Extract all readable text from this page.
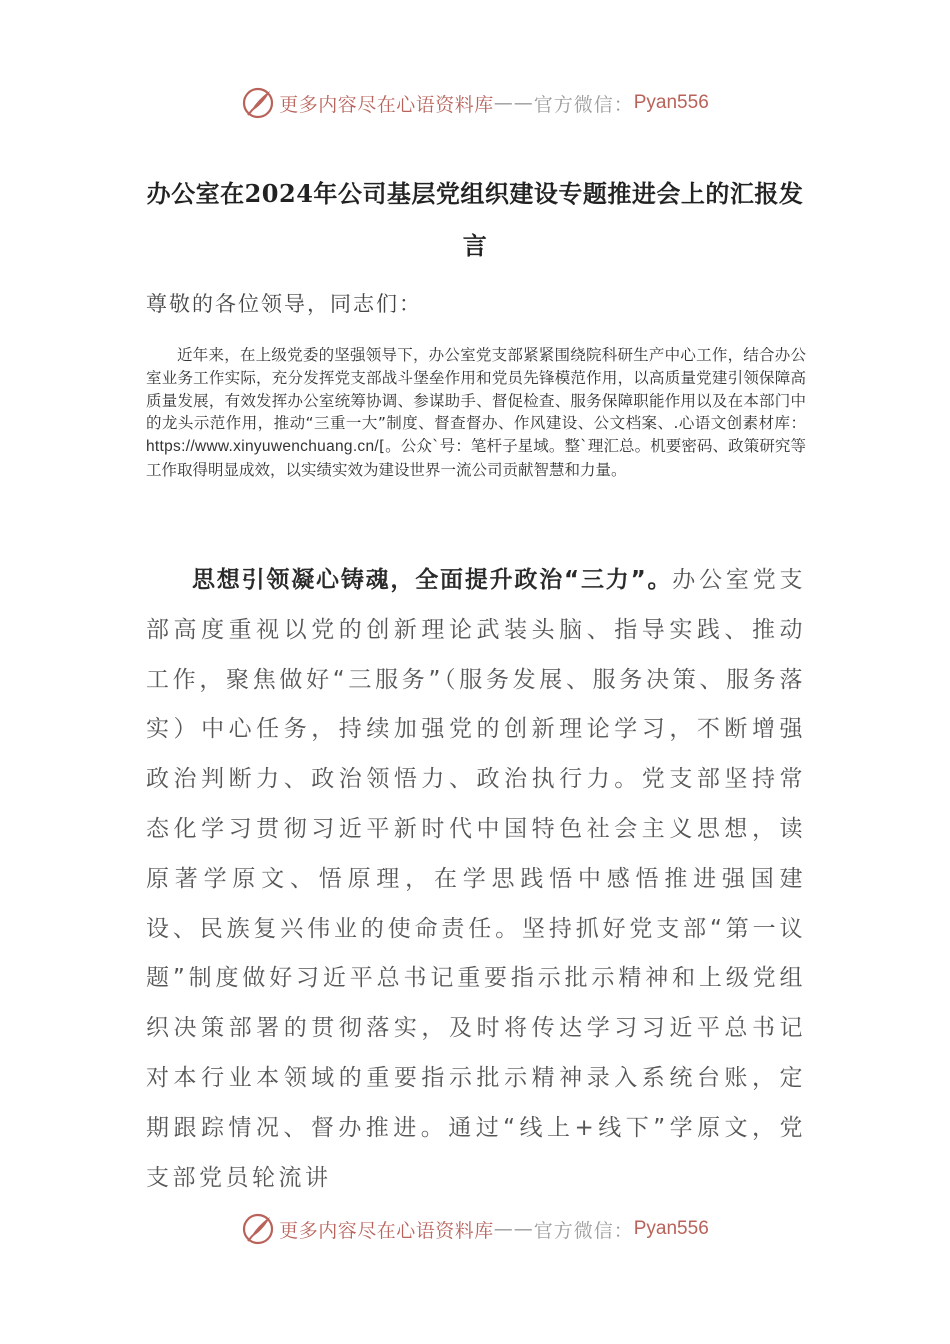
更多内容尽在心语资料库 —— 官方微信： Pyan556
办公室在2024年公司基层党组织建设专题推进会上的汇报发言
尊敬的各位领导，同志们：

近年来，在上级党委的坚强领导下，办公室党支部紧紧围绕院科研生产中心工作，结合办公室业务工作实际，充分发挥党支部战斗堡垒作用和党员先锋模范作用，以高质量党建引领保障高质量发展，有效发挥办公室统筹协调、参谋助手、督促检查、服务保障职能作用以及在本部门中的龙头示范作用，推动“三重一大”制度、督查督办、作风建设、公文档案、.心语文创素材库：https://www.xinyuwenchuang.cn/[。公众`号：笔杆子星域。整`理汇总。机要密码、政策研究等工作取得明显成效，以实绩实效为建设世界一流公司贡献智慧和力量。

思想引领凝心铸魂，全面提升政治“三力”。办公室党支部高度重视以党的创新理论武装头脑、指导实践、推动工作，聚焦做好“三服务”（服务发展、服务决策、服务落实）中心任务，持续加强党的创新理论学习，不断增强政治判断力、政治领悟力、政治执行力。党支部坚持常态化学习贯彻习近平新时代中国特色社会主义思想，读原著学原文、悟原理，在学思践悟中感悟推进强国建设、民族复兴伟业的使命责任。坚持抓好党支部“第一议题”制度做好习近平总书记重要指示批示精神和上级党组织决策部署的贯彻落实，及时将传达学习习近平总书记对本行业本领域的重要指示批示精神录入系统台账，定期跟踪情况、督办推进。通过“线上+线下”学原文，党支部党员轮流讲

更多内容尽在心语资料库 —— 官方微信： Pyan556
